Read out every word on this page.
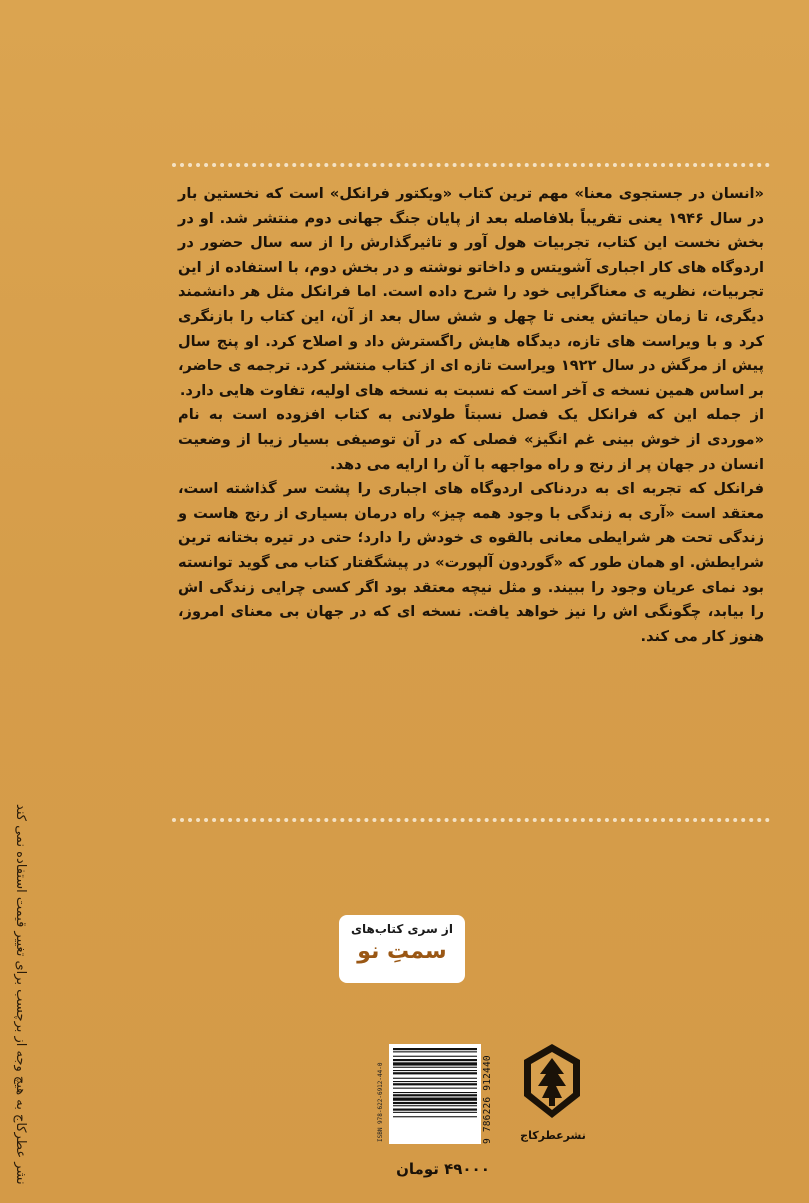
«انسان در جستجوی معنا» مهم ترین کتاب «ویکتور فرانکل» است که نخستین بار در سال ۱۹۴۶ یعنی تقریباً بلافاصله بعد از پایان جنگ جهانی دوم منتشر شد. او در بخش نخست این کتاب، تجربیات هول آور و تاثیرگذارش را از سه سال حضور در اردوگاه های کار اجباری آشویتس و داخاتو نوشته و در بخش دوم، با استفاده از این تجربیات، نظریه ی معناگرایی خود را شرح داده است. اما فرانکل مثل هر دانشمند دیگری، تا زمان حیاتش یعنی تا چهل و شش سال بعد از آن، این کتاب را بازنگری کرد و با ویراست های تازه، دیدگاه هایش راگسترش داد و اصلاح کرد. او پنج سال پیش از مرگش در سال ۱۹۲۲ ویراست تازه ای از کتاب منتشر کرد. ترجمه ی حاضر، بر اساس همین نسخه ی آخر است که نسبت به نسخه های اولیه، تفاوت هایی دارد.

از جمله این که فرانکل یک فصل نسبتاً طولانی به کتاب افزوده است به نام «موردی از خوش بینی غم انگیز» فصلی که در آن توصیفی بسیار زیبا از وضعیت انسان در جهان پر از رنج و راه مواجهه با آن را ارایه می دهد.

فرانکل که تجربه ای به دردناکی اردوگاه های اجباری را پشت سر گذاشته است، معتقد است «آری به زندگی با وجود همه چیز» راه درمان بسیاری از رنج هاست و زندگی تحت هر شرایطی معانی بالقوه ی خودش را دارد؛ حتی در تیره بختانه ترین شرایطش. او همان طور که «گوردون آلپورت» در پیشگفتار کتاب می گوید توانسته بود نمای عریان وجود را ببیند. و مثل نیچه معتقد بود اگر کسی چرایی زندگی اش را بیابد، چگونگی اش را نیز خواهد یافت. نسخه ای که در جهان بی معنای امروز، هنوز کار می کند.

نشر عطرکاج به هیچ وجه از برچسب برای تغییر قیمت استفاده نمی کند	از سری کتاب‌های
سمتِ نو
ISBN 978-622-6912-44-0	9 786226 912440	نشرعطرکاج
۴۹۰۰۰ تومان
